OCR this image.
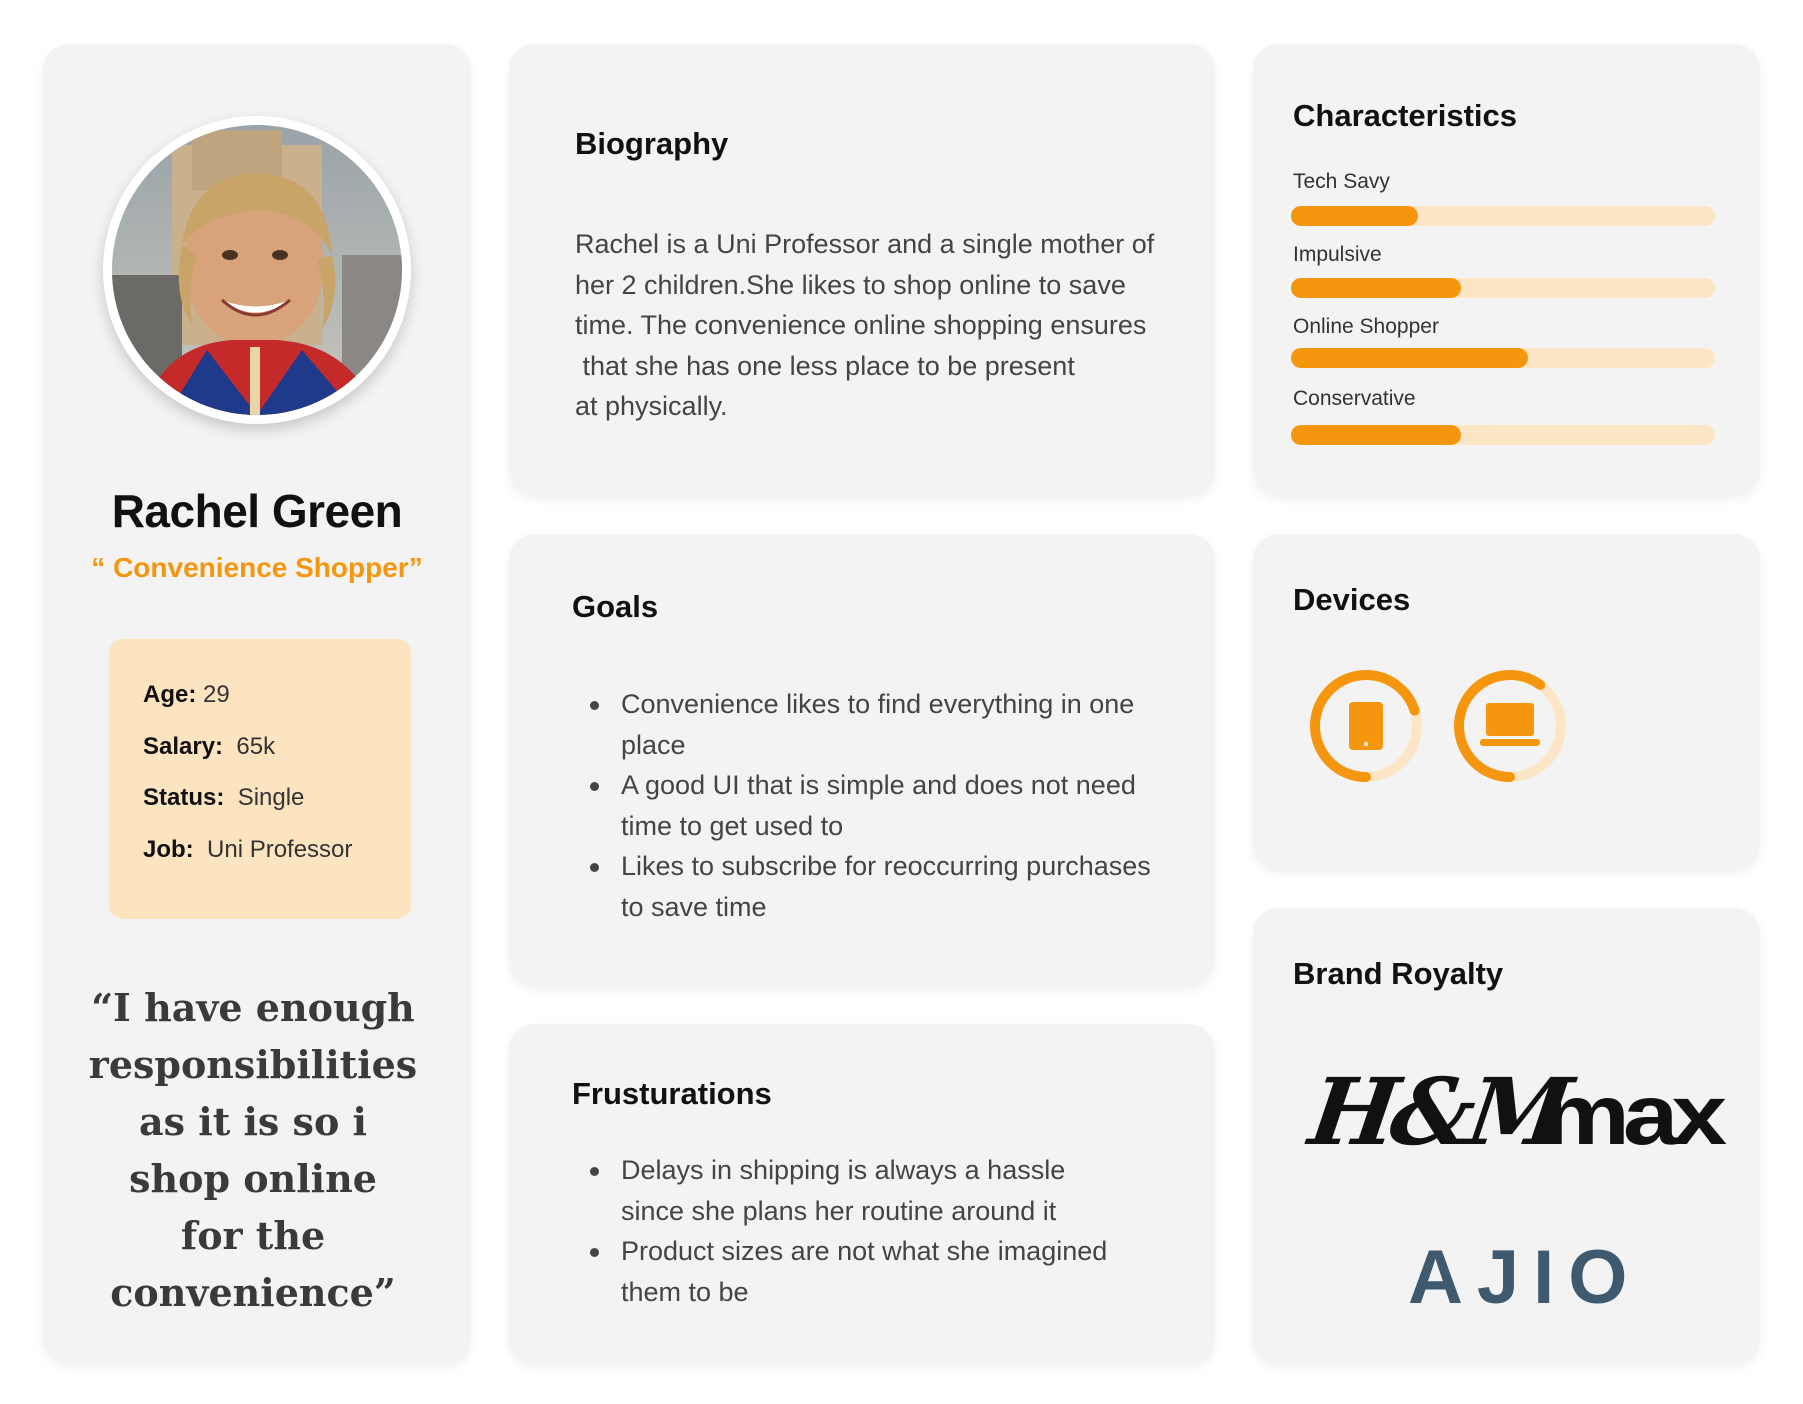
Rachel Green
“ Convenience Shopper”
Age: 29
Salary: 65k
Status: Single
Job: Uni Professor
“I have enough
responsibilities
as it is so i
shop online
for the
convenience”
Biography
Rachel is a Uni Professor and a single mother of
her 2 children.She likes to shop online to save
time. The convenience online shopping ensures
that she has one less place to be present
at physically.
Goals
Convenience likes to find everything in one place
A good UI that is simple and does not need time to get used to
Likes to subscribe for reoccurring purchases to save time
Frusturations
Delays in shipping is always a hassle since she plans her routine around it
Product sizes are not what she imagined them to be
Characteristics
Tech Savy
Impulsive
Online Shopper
Conservative
Devices
Brand Royalty
H&M
max
AJIO
